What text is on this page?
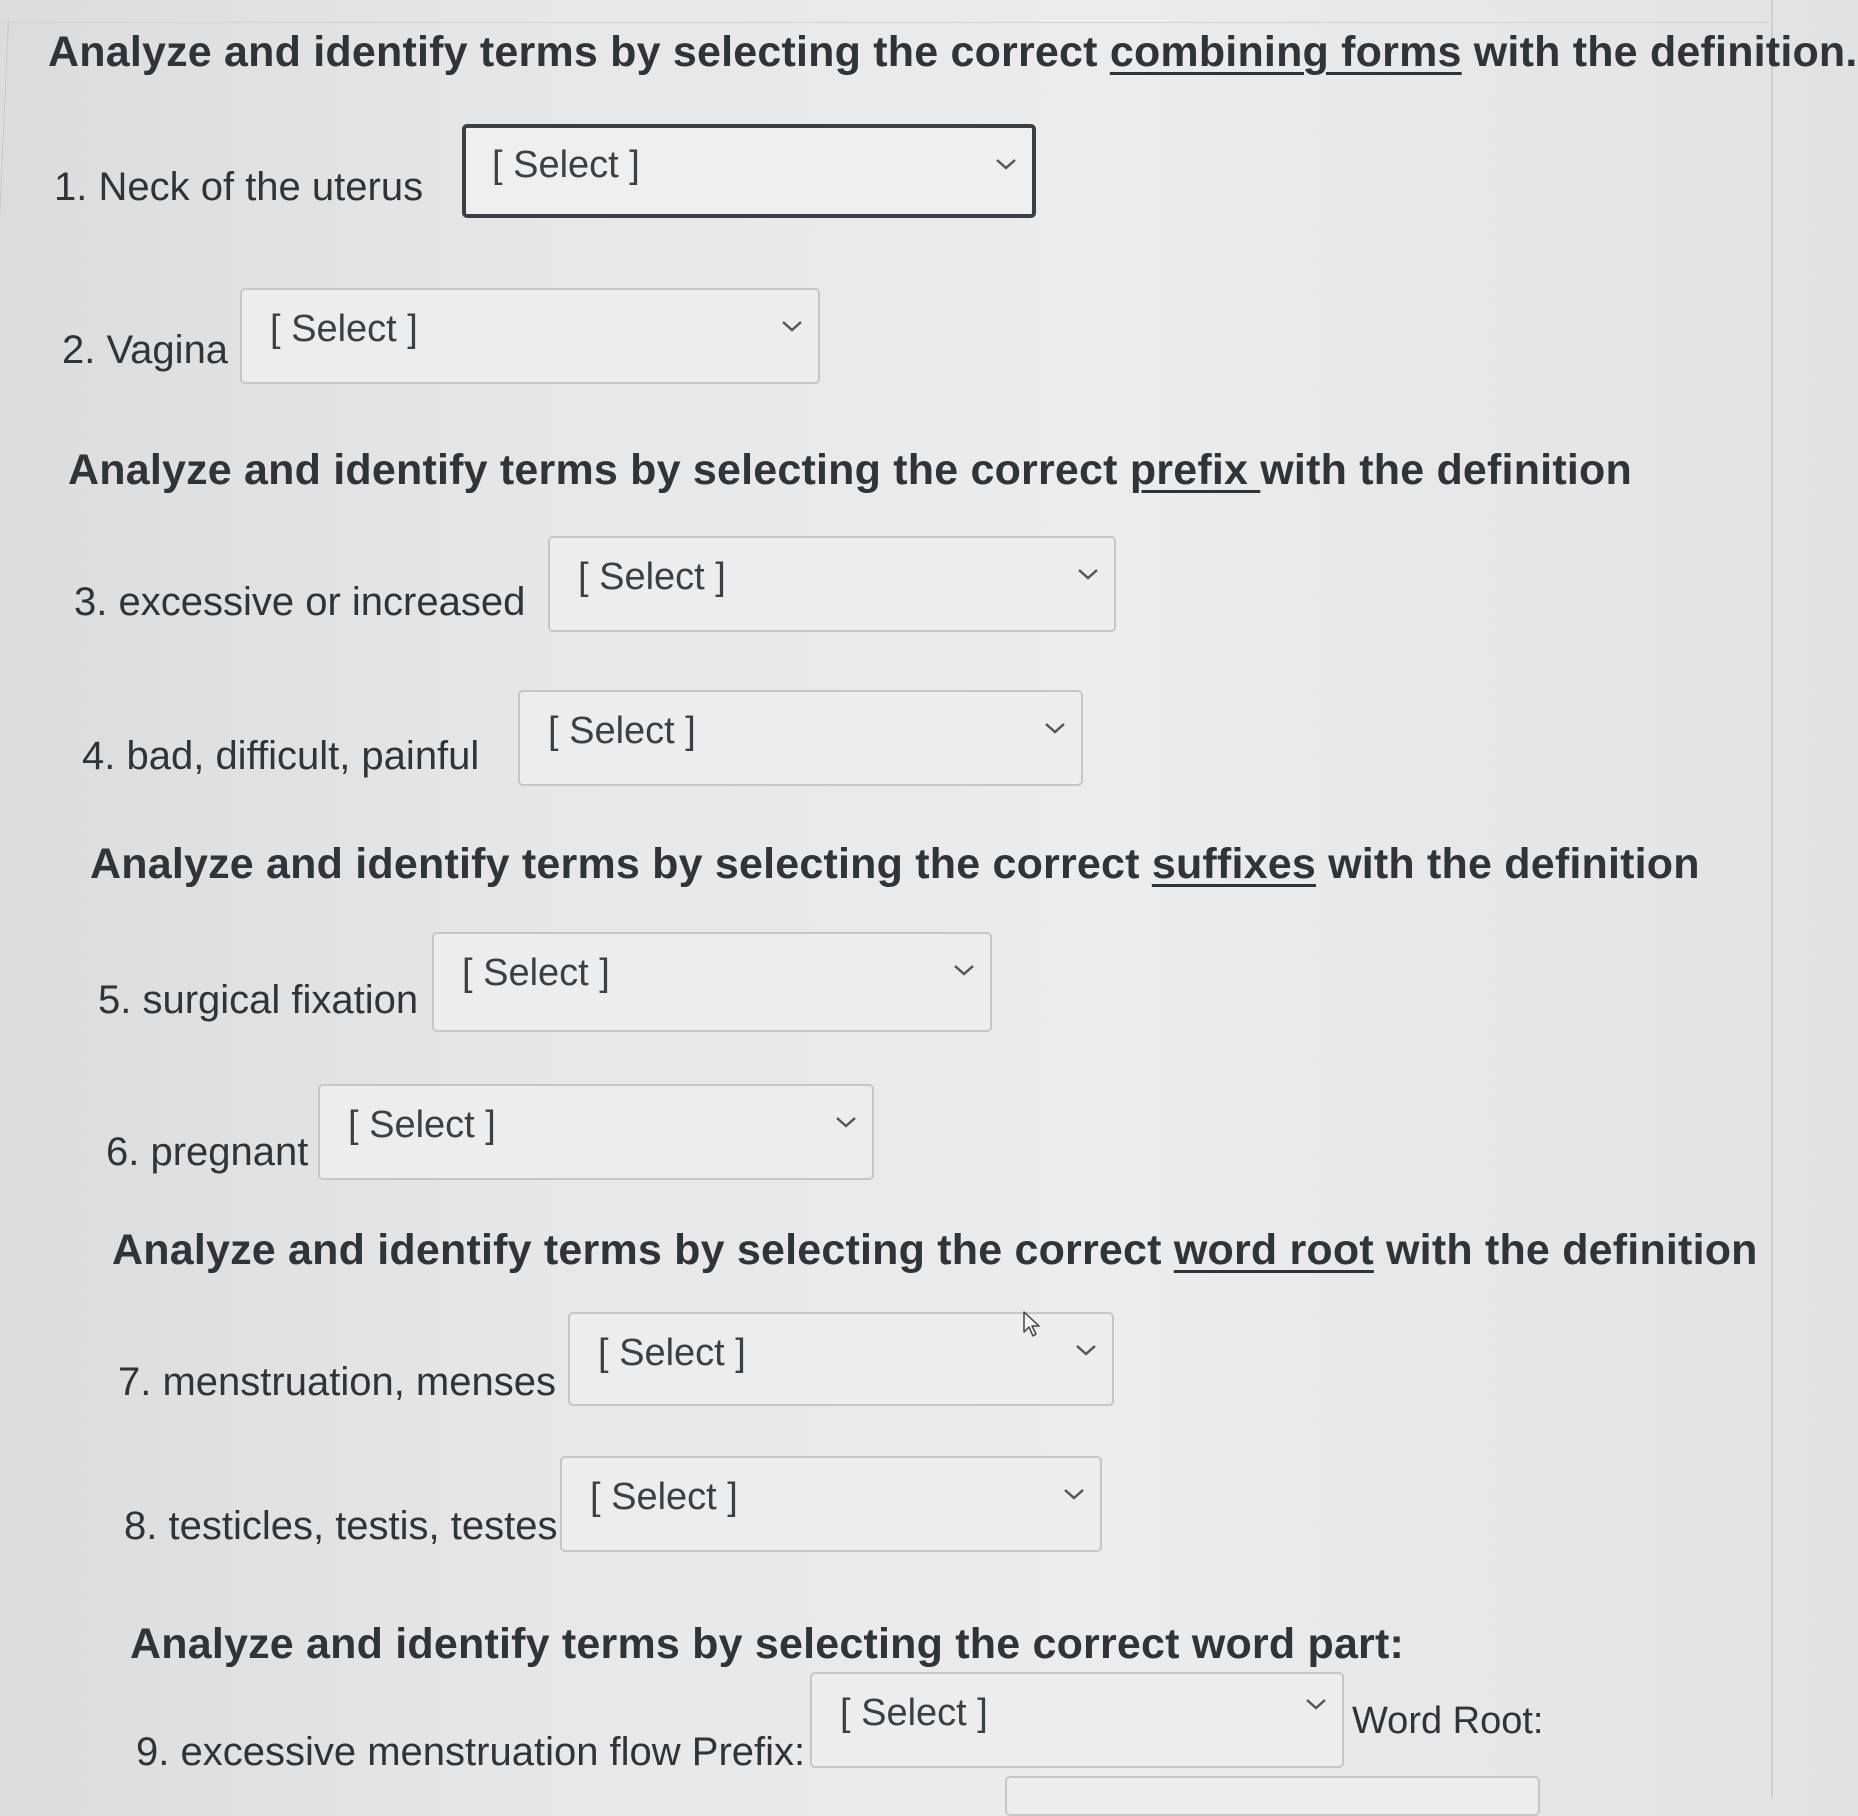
Analyze and identify terms by selecting the correct combining forms with the definition.
1. Neck of the uterus [ Select ]
2. Vagina [ Select ]
Analyze and identify terms by selecting the correct prefix with the definition
3. excessive or increased
[ Select ]
4. bad, difficult, painful
[ Select ]
Analyze and identify terms by selecting the correct suffixes with the definition
5. surgical fixation
[ Select ]
6. pregnant
[ Select ]
Analyze and identify terms by selecting the correct word root with the definition
7. menstruation, menses
[ Select ]
8. testicles, testis, testes
[ Select ]
Analyze and identify terms by selecting the correct word part:
9. excessive menstruation flow Prefix:
[ Select ]	Word Root:
